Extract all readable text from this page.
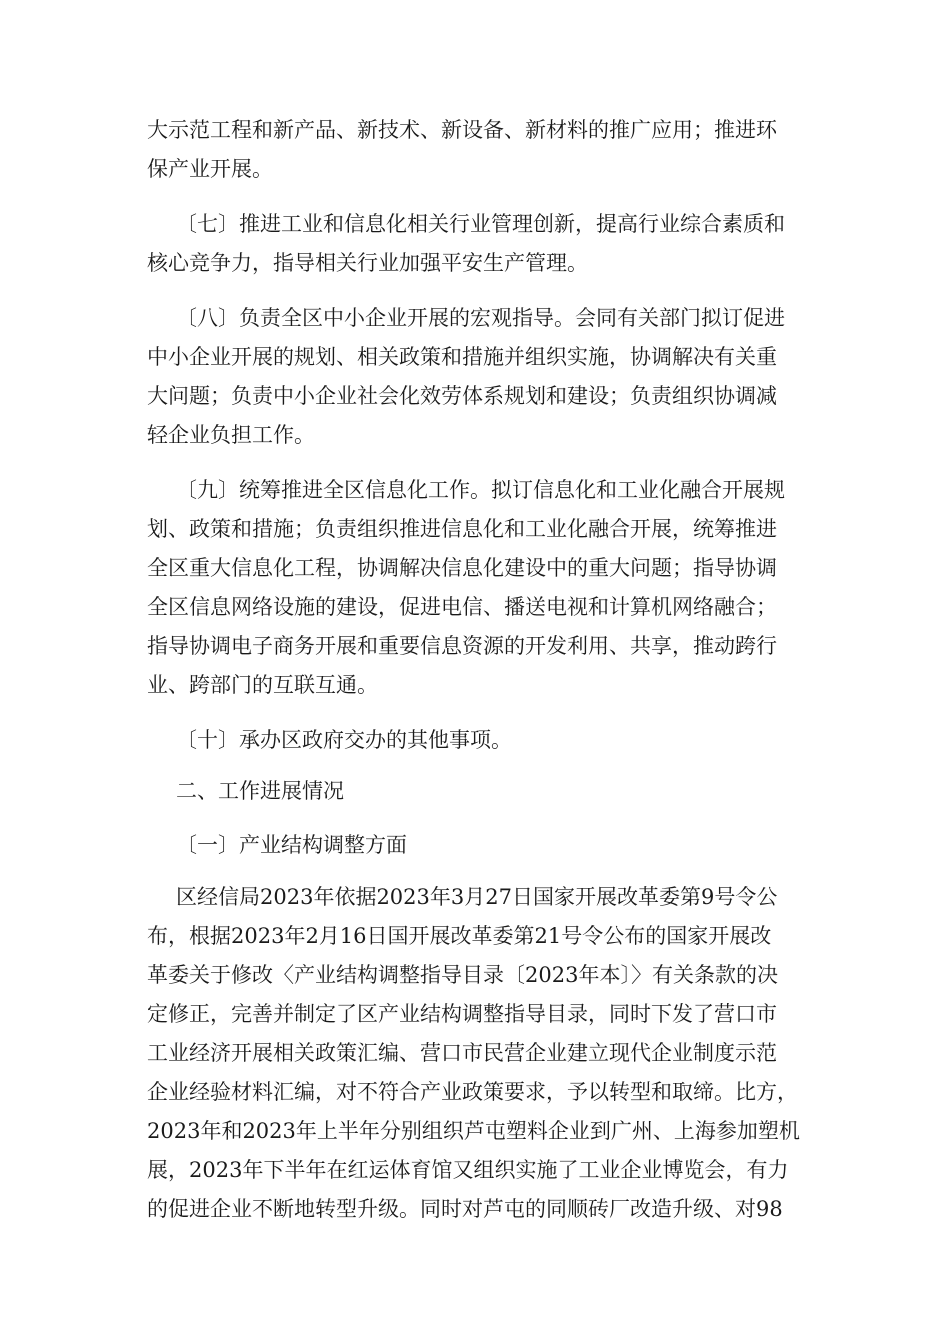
大示范工程和新产品、新技术、新设备、新材料的推广应用；推进环
保产业开展。
〔七〕推进工业和信息化相关行业管理创新，提高行业综合素质和
核心竞争力，指导相关行业加强平安生产管理。
〔八〕负责全区中小企业开展的宏观指导。会同有关部门拟订促进
中小企业开展的规划、相关政策和措施并组织实施，协调解决有关重
大问题；负责中小企业社会化效劳体系规划和建设；负责组织协调减
轻企业负担工作。
〔九〕统筹推进全区信息化工作。拟订信息化和工业化融合开展规
划、政策和措施；负责组织推进信息化和工业化融合开展，统筹推进
全区重大信息化工程，协调解决信息化建设中的重大问题；指导协调
全区信息网络设施的建设，促进电信、播送电视和计算机网络融合；
指导协调电子商务开展和重要信息资源的开发利用、共享，推动跨行
业、跨部门的互联互通。
〔十〕承办区政府交办的其他事项。
二、工作进展情况
〔一〕产业结构调整方面
区经信局2023年依据2023年3月27日国家开展改革委第9号令公
布，根据2023年2月16日国开展改革委第21号令公布的国家开展改
革委关于修改〈产业结构调整指导目录〔2023年本〕〉有关条款的决
定修正，完善并制定了区产业结构调整指导目录，同时下发了营口市
工业经济开展相关政策汇编、营口市民营企业建立现代企业制度示范
企业经验材料汇编，对不符合产业政策要求，予以转型和取缔。比方，
2023年和2023年上半年分别组织芦屯塑料企业到广州、上海参加塑机
展，2023年下半年在红运体育馆又组织实施了工业企业博览会，有力
的促进企业不断地转型升级。同时对芦屯的同顺砖厂改造升级、对98
